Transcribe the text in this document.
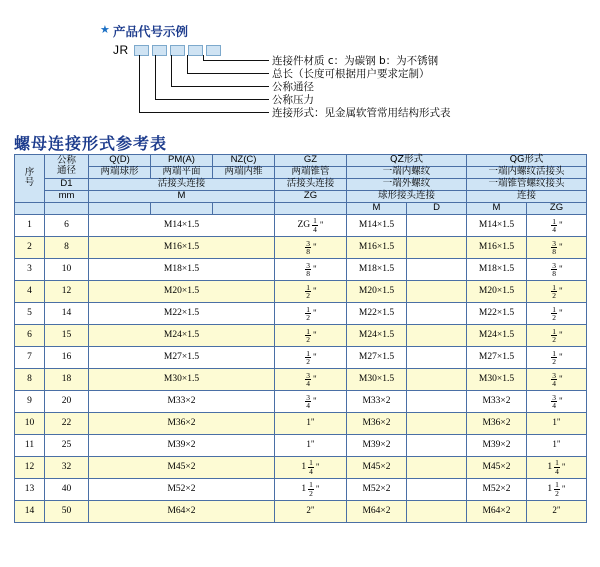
★ 产品代号示例
JR
连接件材质 c：为碳钢 b：为不锈钢
总长（长度可根据用户要求定制）
公称通径
公称压力
连接形式：见金属软管常用结构形式表
螺母连接形式参考表
序
号

公称
通径
	Q(D)	PM(A)	NZ(C)	GZ	QZ形式	QG形式
		两端球形	两端平面	两端内维	两端锥管	一端内螺纹		一端内螺纹活接头	
	D1	活接头连接			活接头连接	一端外螺纹		一端锥管螺纹接头	
	mm	M			ZG	球形接头连接		连接	
						M	D	M	ZG
1	6	M14×1.5			ZG $\frac{1}{4}$ "	M14×1.5		M14×1.5	$\frac{1}{4}$ "

2	8	M16×1.5			$\frac{3}{8}$ "	M16×1.5		M16×1.5	$\frac{3}{8}$ "

3	10	M18×1.5			$\frac{3}{8}$ "	M18×1.5		M18×1.5	$\frac{3}{8}$ "

4	12	M20×1.5			$\frac{1}{2}$ "	M20×1.5		M20×1.5	$\frac{1}{2}$ "

5	14	M22×1.5			$\frac{1}{2}$ "	M22×1.5		M22×1.5	$\frac{1}{2}$ "

6	15	M24×1.5			$\frac{1}{2}$ "	M24×1.5		M24×1.5	$\frac{1}{2}$ "

7	16	M27×1.5			$\frac{1}{2}$ "	M27×1.5		M27×1.5	$\frac{1}{2}$ "

8	18	M30×1.5			$\frac{3}{4}$ "	M30×1.5		M30×1.5	$\frac{3}{4}$ "

9	20	M33×2			$\frac{3}{4}$ "	M33×2		M33×2	$\frac{3}{4}$ "

10	22	M36×2			1"	M36×2		M36×2	1"
11	25	M39×2			1"	M39×2		M39×2	1"
12	32	M45×2			$1 \frac{1}{4}$ "	M45×2		M45×2	$1 \frac{1}{4}$ "

13	40	M52×2			$1 \frac{1}{2}$ "	M52×2		M52×2	$1 \frac{1}{2}$ "

14	50	M64×2			2"	M64×2		M64×2	2"
